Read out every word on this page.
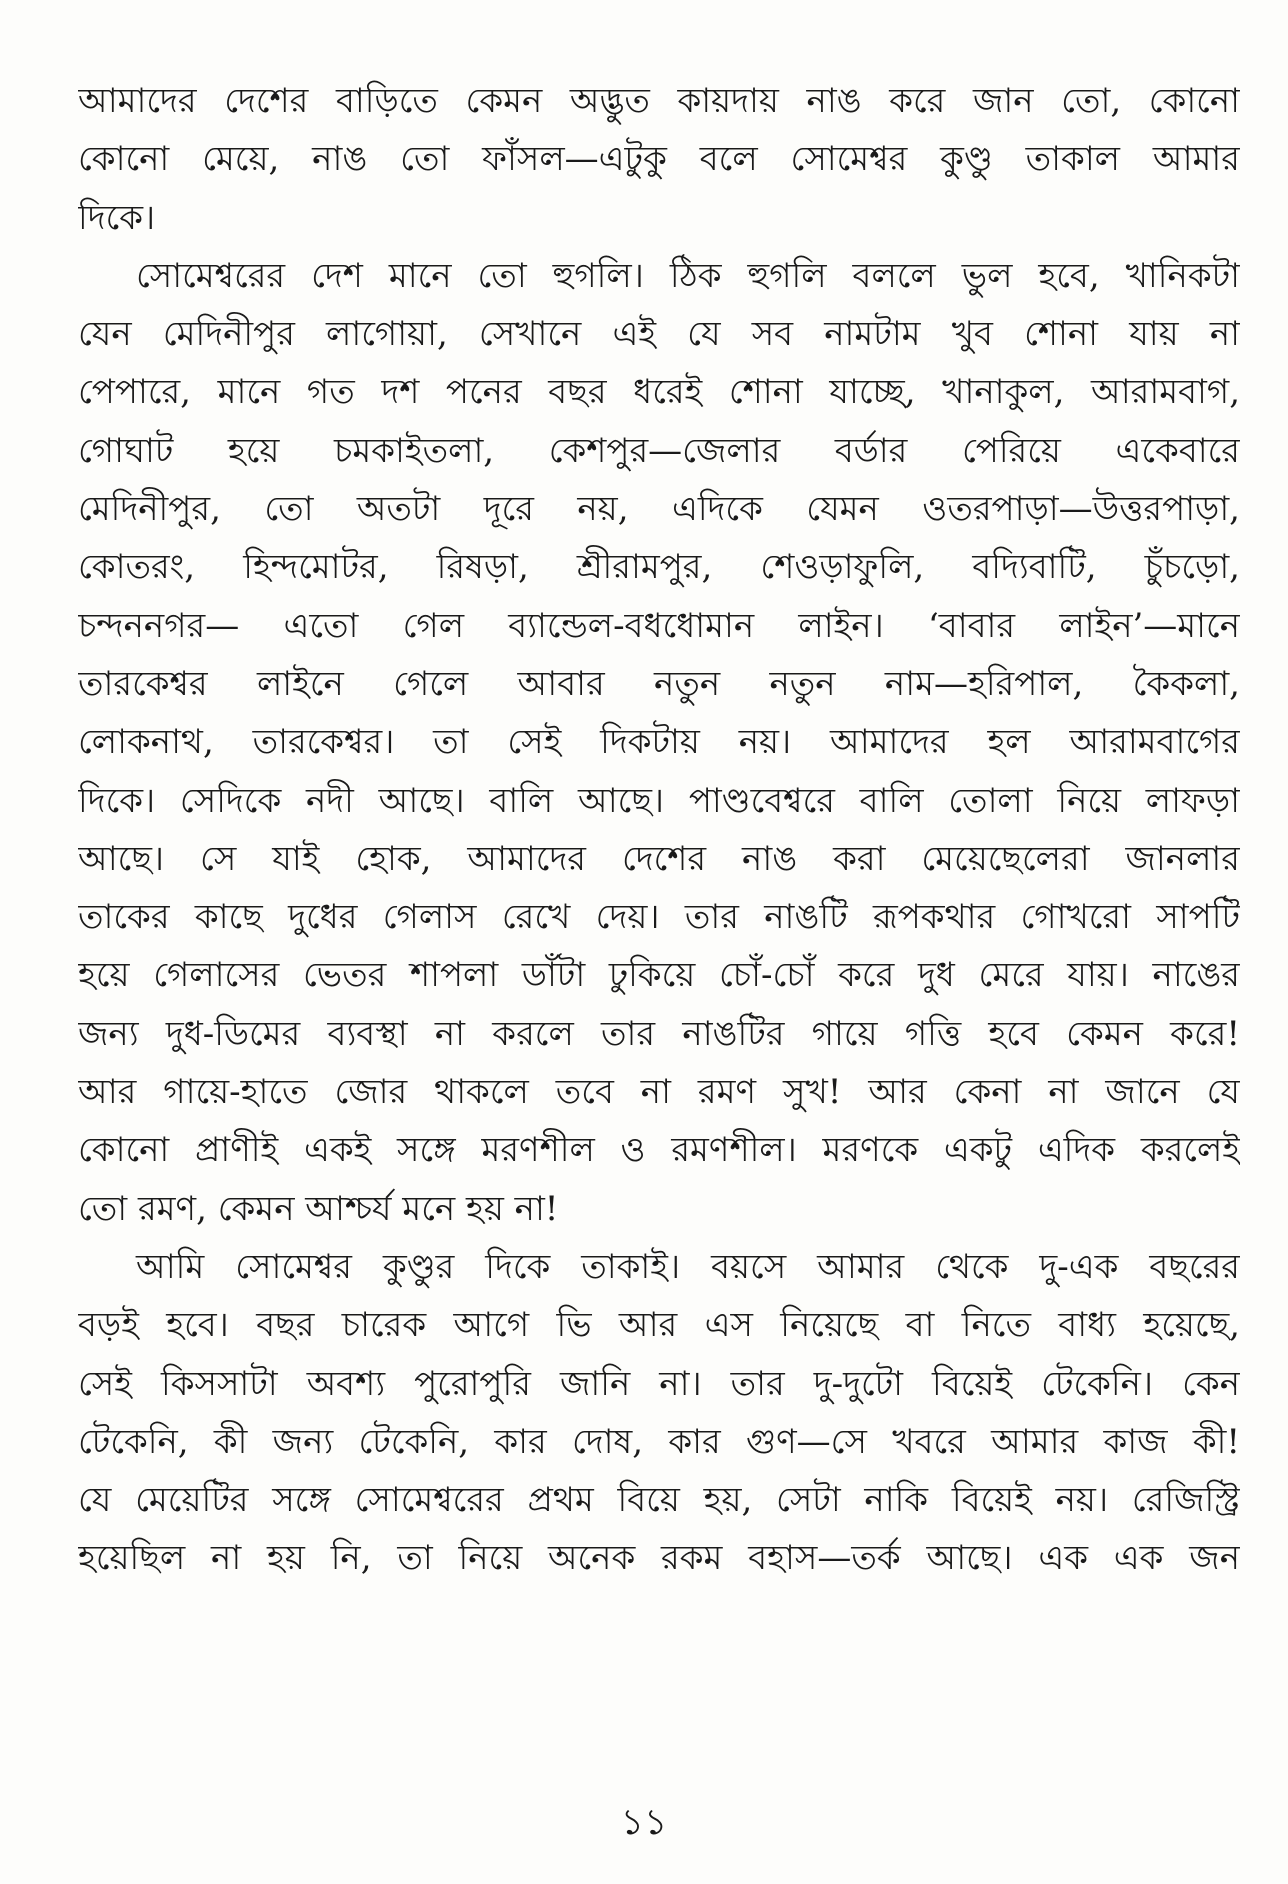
আমাদের দেশের বাড়িতে কেমন অদ্ভুত কায়দায় নাঙ করে জান তো, কোনো
কোনো মেয়ে, নাঙ তো ফাঁসল—এটুকু বলে সোমেশ্বর কুণ্ডু তাকাল আমার
দিকে।
সোমেশ্বরের দেশ মানে তো হুগলি। ঠিক হুগলি বললে ভুল হবে, খানিকটা
যেন মেদিনীপুর লাগোয়া, সেখানে এই যে সব নামটাম খুব শোনা যায় না
পেপারে, মানে গত দশ পনের বছর ধরেই শোনা যাচ্ছে, খানাকুল, আরামবাগ,
গোঘাট হয়ে চমকাইতলা, কেশপুর—জেলার বর্ডার পেরিয়ে একেবারে
মেদিনীপুর, তো অতটা দূরে নয়, এদিকে যেমন ওতরপাড়া—উত্তরপাড়া,
কোতরং, হিন্দমোটর, রিষড়া, শ্রীরামপুর, শেওড়াফুলি, বদ্যিবাটি, চুঁচড়ো,
চন্দননগর— এতো গেল ব্যান্ডেল-বধধোমান লাইন। ‘বাবার লাইন’—মানে
তারকেশ্বর লাইনে গেলে আবার নতুন নতুন নাম—হরিপাল, কৈকলা,
লোকনাথ, তারকেশ্বর। তা সেই দিকটায় নয়। আমাদের হল আরামবাগের
দিকে। সেদিকে নদী আছে। বালি আছে। পাণ্ডবেশ্বরে বালি তোলা নিয়ে লাফড়া
আছে। সে যাই হোক, আমাদের দেশের নাঙ করা মেয়েছেলেরা জানলার
তাকের কাছে দুধের গেলাস রেখে দেয়। তার নাঙটি রূপকথার গোখরো সাপটি
হয়ে গেলাসের ভেতর শাপলা ডাঁটা ঢুকিয়ে চোঁ-চোঁ করে দুধ মেরে যায়। নাঙের
জন্য দুধ-ডিমের ব্যবস্থা না করলে তার নাঙটির গায়ে গত্তি হবে কেমন করে!
আর গায়ে-হাতে জোর থাকলে তবে না রমণ সুখ! আর কেনা না জানে যে
কোনো প্রাণীই একই সঙ্গে মরণশীল ও রমণশীল। মরণকে একটু এদিক করলেই
তো রমণ, কেমন আশ্চর্য মনে হয় না!
আমি সোমেশ্বর কুণ্ডুর দিকে তাকাই। বয়সে আমার থেকে দু-এক বছরের
বড়ই হবে। বছর চারেক আগে ভি আর এস নিয়েছে বা নিতে বাধ্য হয়েছে,
সেই কিসসাটা অবশ্য পুরোপুরি জানি না। তার দু-দুটো বিয়েই টেকেনি। কেন
টেকেনি, কী জন্য টেকেনি, কার দোষ, কার গুণ—সে খবরে আমার কাজ কী!
যে মেয়েটির সঙ্গে সোমেশ্বরের প্রথম বিয়ে হয়, সেটা নাকি বিয়েই নয়। রেজিস্ট্রি
হয়েছিল না হয় নি, তা নিয়ে অনেক রকম বহাস—তর্ক আছে। এক এক জন
১১
